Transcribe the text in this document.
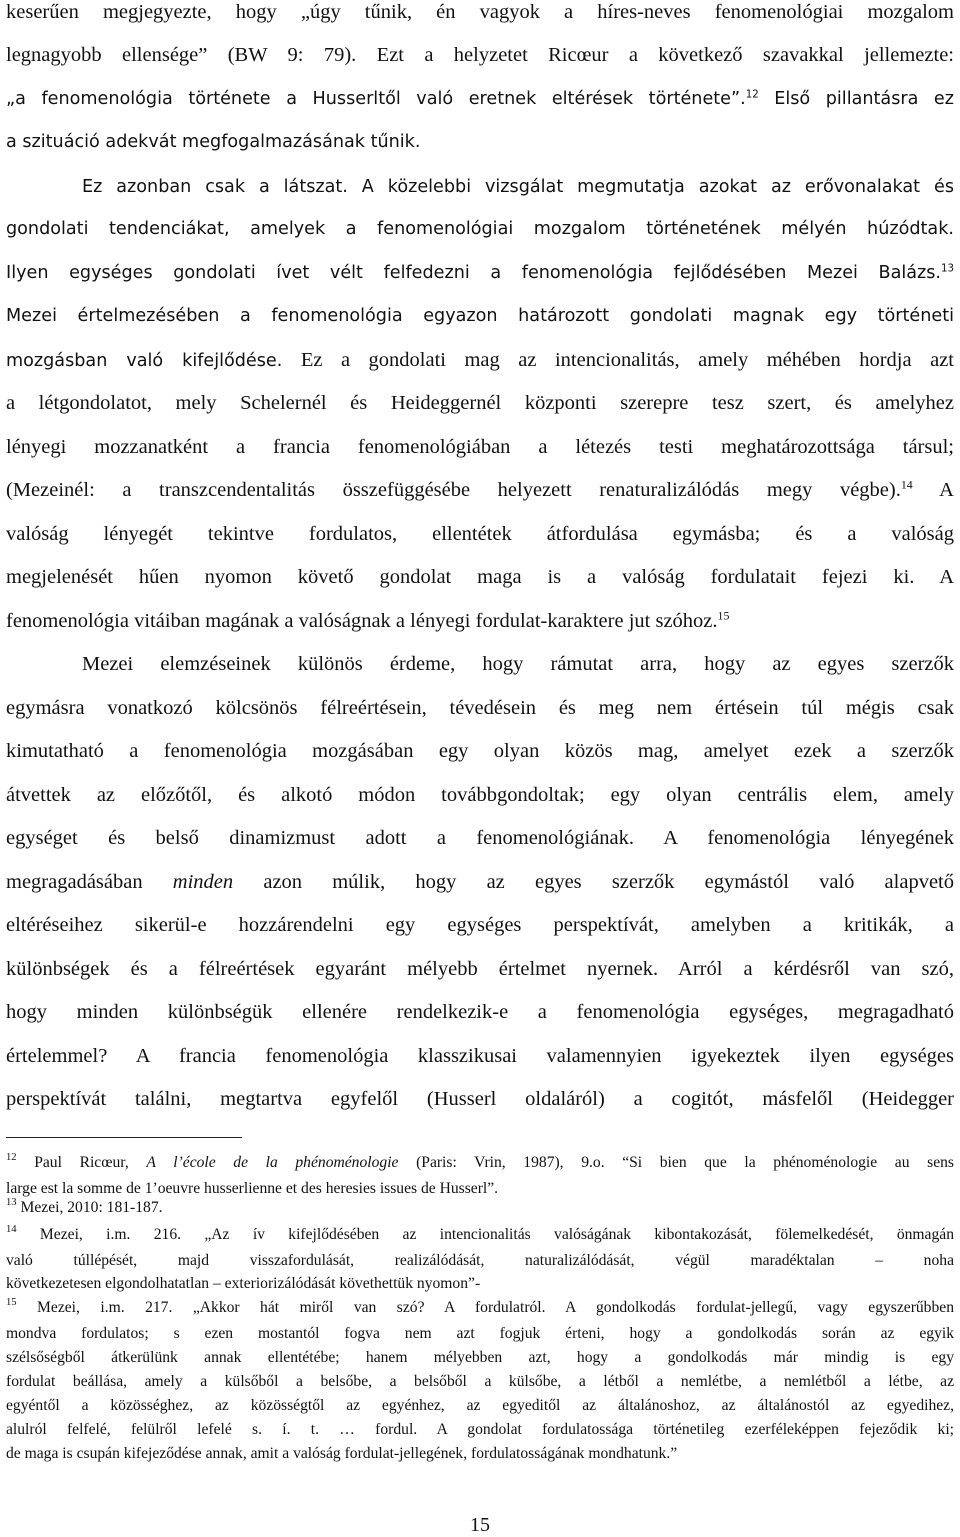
keserűen megjegyezte, hogy „úgy tűnik, én vagyok a híres-neves fenomenológiai mozgalom
legnagyobb ellensége” (BW 9: 79). Ezt a helyzetet Ricœur a következő szavakkal jellemezte:
„a fenomenológia története a Husserltől való eretnek eltérések története”.$^{12}$ Első pillantásra ez
a szituáció adekvát megfogalmazásának tűnik.
Ez azonban csak a látszat. A közelebbi vizsgálat megmutatja azokat az erővonalakat és
gondolati tendenciákat, amelyek a fenomenológiai mozgalom történetének mélyén húzódtak.
Ilyen egységes gondolati ívet vélt felfedezni a fenomenológia fejlődésében Mezei Balázs.$^{13}$
Mezei értelmezésében a fenomenológia egyazon határozott gondolati magnak egy történeti
mozgásban való kifejlődése. Ez a gondolati mag az intencionalitás, amely méhében hordja azt
a létgondolatot, mely Schelernél és Heideggernél központi szerepre tesz szert, és amelyhez
lényegi mozzanatként a francia fenomenológiában a létezés testi meghatározottsága társul;
(Mezeinél: a transzcendentalitás összefüggésébe helyezett renaturalizálódás megy végbe).$^{14}$ A
valóság lényegét tekintve fordulatos, ellentétek átfordulása egymásba; és a valóság
megjelenését hűen nyomon követő gondolat maga is a valóság fordulatait fejezi ki. A
fenomenológia vitáiban magának a valóságnak a lényegi fordulat-karaktere jut szóhoz.$^{15}$
Mezei elemzéseinek különös érdeme, hogy rámutat arra, hogy az egyes szerzők
egymásra vonatkozó kölcsönös félreértésein, tévedésein és meg nem értésein túl mégis csak
kimutatható a fenomenológia mozgásában egy olyan közös mag, amelyet ezek a szerzők
átvettek az előzőtől, és alkotó módon továbbgondoltak; egy olyan centrális elem, amely
egységet és belső dinamizmust adott a fenomenológiának. A fenomenológia lényegének
megragadásában minden azon múlik, hogy az egyes szerzők egymástól való alapvető
eltéréseihez sikerül-e hozzárendelni egy egységes perspektívát, amelyben a kritikák, a
különbségek és a félreértések egyaránt mélyebb értelmet nyernek. Arról a kérdésről van szó,
hogy minden különbségük ellenére rendelkezik-e a fenomenológia egységes, megragadható
értelemmel? A francia fenomenológia klasszikusai valamennyien igyekeztek ilyen egységes
perspektívát találni, megtartva egyfelől (Husserl oldaláról) a cogitót, másfelől (Heidegger
$^{12}$ Paul Ricœur, A l’école de la phénoménologie (Paris: Vrin, 1987), 9.o. “Si bien que la phénoménologie au sens
large est la somme de 1’oeuvre husserlienne et des heresies issues de Husserl”.
$^{13}$ Mezei, 2010: 181-187.
$^{14}$ Mezei, i.m. 216. „Az ív kifejlődésében az intencionalitás valóságának kibontakozását, fölemelkedését, önmagán
való túllépését, majd visszafordulását, realizálódását, naturalizálódását, végül maradéktalan – noha
következetesen elgondolhatatlan – exteriorizálódását követhettük nyomon”-
$^{15}$ Mezei, i.m. 217. „Akkor hát miről van szó? A fordulatról. A gondolkodás fordulat-jellegű, vagy egyszerűbben
mondva fordulatos; s ezen mostantól fogva nem azt fogjuk érteni, hogy a gondolkodás során az egyik
szélsőségből átkerülünk annak ellentétébe; hanem mélyebben azt, hogy a gondolkodás már mindig is egy
fordulat beállása, amely a külsőből a belsőbe, a belsőből a külsőbe, a létből a nemlétbe, a nemlétből a létbe, az
egyéntől a közösséghez, az közösségtől az egyénhez, az egyeditől az általánoshoz, az általánostól az egyedihez,
alulról felfelé, felülről lefelé s. í. t. … fordul. A gondolat fordulatossága történetileg ezerféleképpen fejeződik ki;
de maga is csupán kifejeződése annak, amit a valóság fordulat-jellegének, fordulatosságának mondhatunk.”
15
